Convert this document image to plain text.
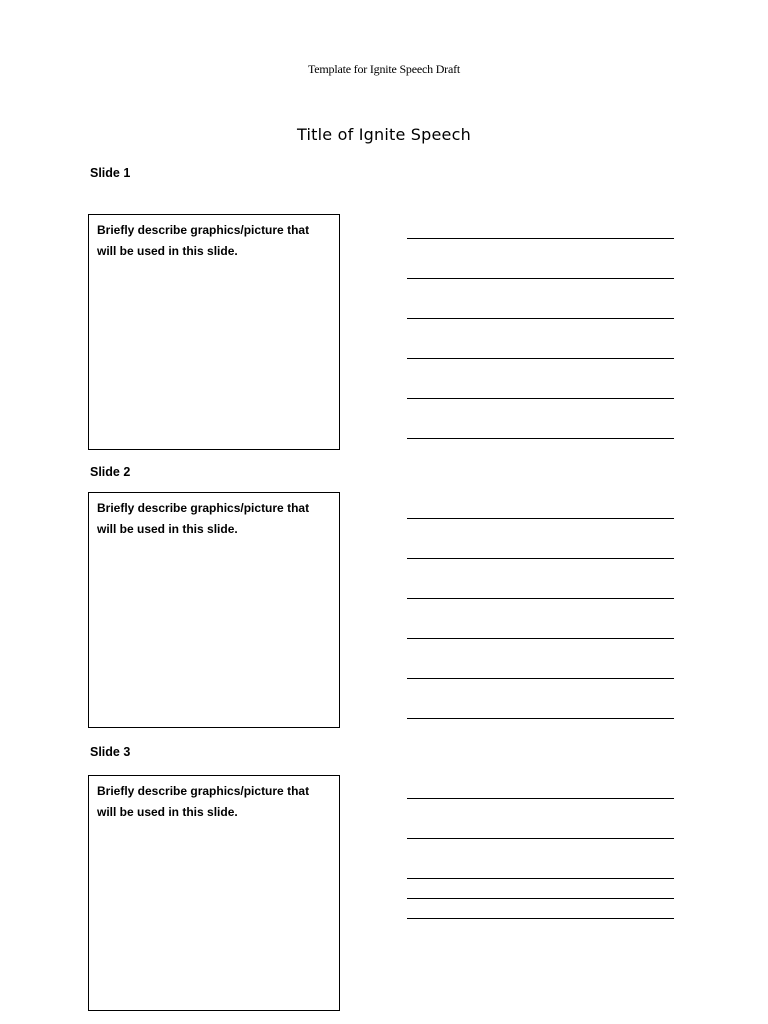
Template for Ignite Speech Draft
Title of Ignite Speech
Slide 1
Briefly describe graphics/picture that will be used in this slide.
Slide 2
Briefly describe graphics/picture that will be used in this slide.
Slide 3
Briefly describe graphics/picture that will be used in this slide.
